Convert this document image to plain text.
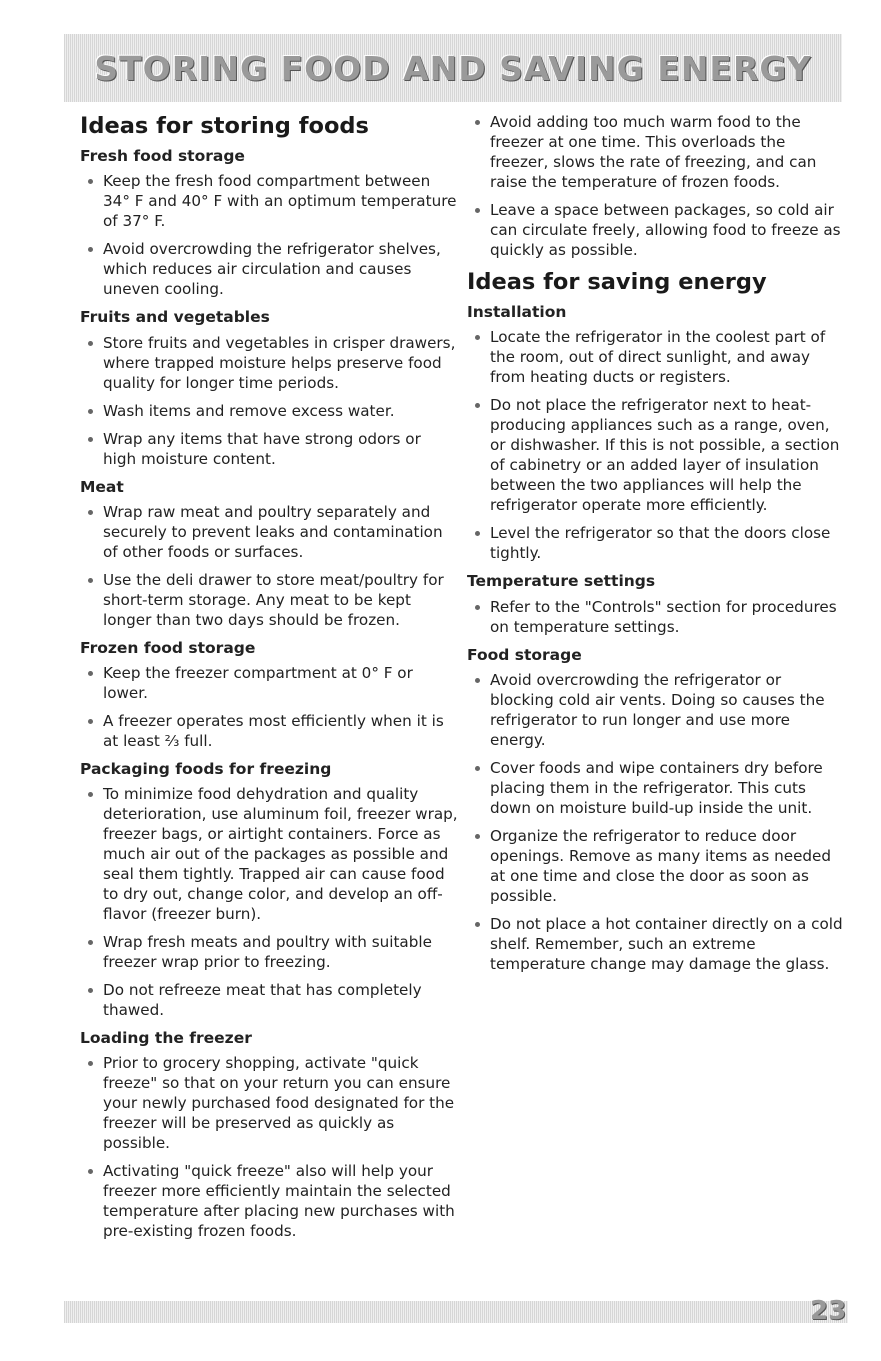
STORING FOOD AND SAVING ENERGY
Ideas for storing foods
Fresh food storage
Keep the fresh food compartment between 34° F and 40° F with an optimum temperature of 37° F.
Avoid overcrowding the refrigerator shelves, which reduces air circulation and causes uneven cooling.
Fruits and vegetables
Store fruits and vegetables in crisper drawers, where trapped moisture helps preserve food quality for longer time periods.
Wash items and remove excess water.
Wrap any items that have strong odors or high moisture content.
Meat
Wrap raw meat and poultry separately and securely to prevent leaks and contamination of other foods or surfaces.
Use the deli drawer to store meat/poultry for short-term storage. Any meat to be kept longer than two days should be frozen.
Frozen food storage
Keep the freezer compartment at 0° F or lower.
A freezer operates most efficiently when it is at least ⅔ full.
Packaging foods for freezing
To minimize food dehydration and quality deterioration, use aluminum foil, freezer wrap, freezer bags, or airtight containers. Force as much air out of the packages as possible and seal them tightly. Trapped air can cause food to dry out, change color, and develop an off-flavor (freezer burn).
Wrap fresh meats and poultry with suitable freezer wrap prior to freezing.
Do not refreeze meat that has completely thawed.
Loading the freezer
Prior to grocery shopping, activate "quick freeze" so that on your return you can ensure your newly purchased food designated for the freezer will be preserved as quickly as possible.
Activating "quick freeze" also will help your freezer more efficiently maintain the selected temperature after placing new purchases with pre-existing frozen foods.
Avoid adding too much warm food to the freezer at one time. This overloads the freezer, slows the rate of freezing, and can raise the temperature of frozen foods.
Leave a space between packages, so cold air can circulate freely, allowing food to freeze as quickly as possible.
Ideas for saving energy
Installation
Locate the refrigerator in the coolest part of the room, out of direct sunlight, and away from heating ducts or registers.
Do not place the refrigerator next to heat-producing appliances such as a range, oven, or dishwasher. If this is not possible, a section of cabinetry or an added layer of insulation between the two appliances will help the refrigerator operate more efficiently.
Level the refrigerator so that the doors close tightly.
Temperature settings
Refer to the "Controls" section for procedures on temperature settings.
Food storage
Avoid overcrowding the refrigerator or blocking cold air vents. Doing so causes the refrigerator to run longer and use more energy.
Cover foods and wipe containers dry before placing them in the refrigerator. This cuts down on moisture build-up inside the unit.
Organize the refrigerator to reduce door openings. Remove as many items as needed at one time and close the door as soon as possible.
Do not place a hot container directly on a cold shelf. Remember, such an extreme temperature change may damage the glass.
23
